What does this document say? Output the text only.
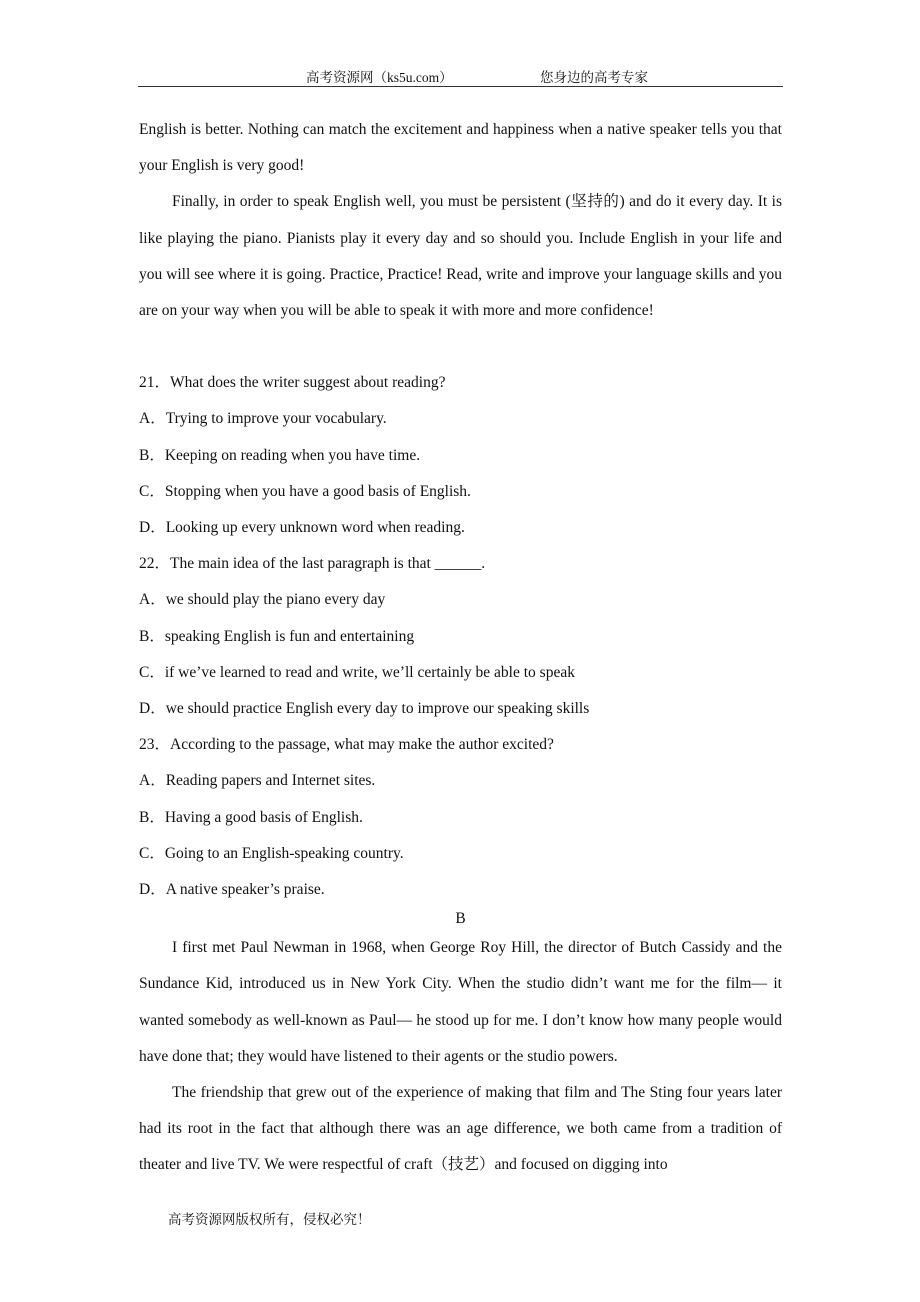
高考资源网（ks5u.com）	您身边的高考专家

English is better. Nothing can match the excitement and happiness when a native speaker tells you that your English is very good!

Finally, in order to speak English well, you must be persistent (坚持的) and do it every day. It is like playing the piano. Pianists play it every day and so should you. Include English in your life and you will see where it is going. Practice, Practice! Read, write and improve your language skills and you are on your way when you will be able to speak it with more and more confidence!

21．What does the writer suggest about reading?

A．Trying to improve your vocabulary.

B．Keeping on reading when you have time.

C．Stopping when you have a good basis of English.

D．Looking up every unknown word when reading.

22．The main idea of the last paragraph is that ______.

A．we should play the piano every day

B．speaking English is fun and entertaining

C．if we’ve learned to read and write, we’ll certainly be able to speak

D．we should practice English every day to improve our speaking skills

23．According to the passage, what may make the author excited?

A．Reading papers and Internet sites.

B．Having a good basis of English.

C．Going to an English-speaking country.

D．A native speaker’s praise.

B

I first met Paul Newman in 1968, when George Roy Hill, the director of Butch Cassidy and the Sundance Kid, introduced us in New York City. When the studio didn’t want me for the film— it wanted somebody as well-known as Paul— he stood up for me. I don’t know how many people would have done that; they would have listened to their agents or the studio powers.

The friendship that grew out of the experience of making that film and The Sting four years later had its root in the fact that although there was an age difference, we both came from a tradition of theater and live TV. We were respectful of craft（技艺）and focused on digging into

高考资源网版权所有，侵权必究！
